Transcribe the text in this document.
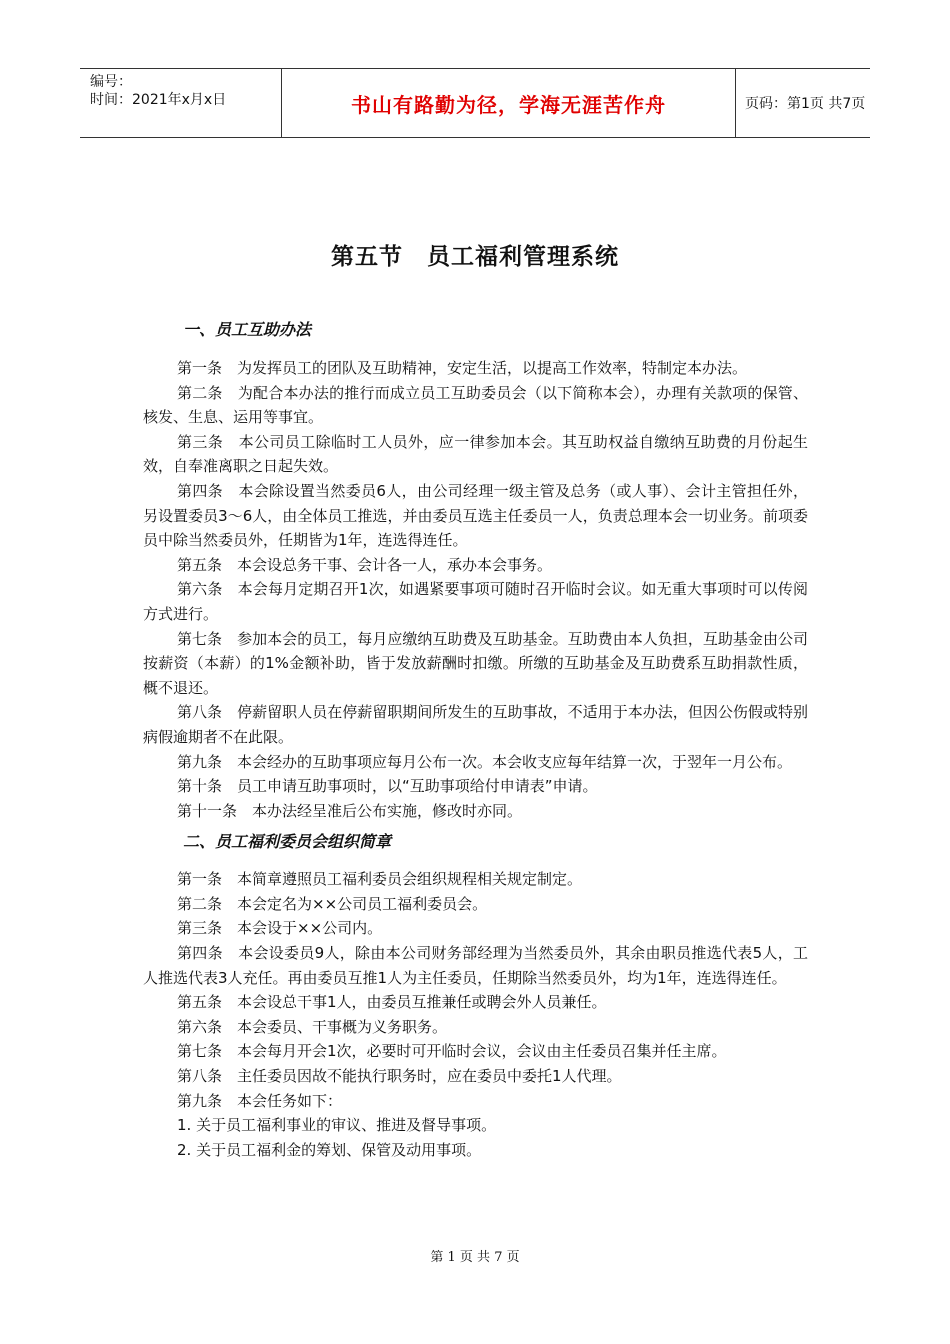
编号：
时间：2021年x月x日	书山有路勤为径，学海无涯苦作舟	页码：第1页 共7页
第五节　员工福利管理系统
一、员工互助办法

第一条　为发挥员工的团队及互助精神，安定生活，以提高工作效率，特制定本办法。

第二条　为配合本办法的推行而成立员工互助委员会（以下简称本会），办理有关款项的保管、核发、生息、运用等事宜。

第三条　本公司员工除临时工人员外，应一律参加本会。其互助权益自缴纳互助费的月份起生效，自奉准离职之日起失效。

第四条　本会除设置当然委员6人，由公司经理一级主管及总务（或人事）、会计主管担任外，另设置委员3～6人，由全体员工推选，并由委员互选主任委员一人，负责总理本会一切业务。前项委员中除当然委员外，任期皆为1年，连选得连任。

第五条　本会设总务干事、会计各一人，承办本会事务。

第六条　本会每月定期召开1次，如遇紧要事项可随时召开临时会议。如无重大事项时可以传阅方式进行。

第七条　参加本会的员工，每月应缴纳互助费及互助基金。互助费由本人负担，互助基金由公司按薪资（本薪）的1%金额补助，皆于发放薪酬时扣缴。所缴的互助基金及互助费系互助捐款性质，概不退还。

第八条　停薪留职人员在停薪留职期间所发生的互助事故，不适用于本办法，但因公伤假或特别病假逾期者不在此限。

第九条　本会经办的互助事项应每月公布一次。本会收支应每年结算一次，于翌年一月公布。

第十条　员工申请互助事项时，以“互助事项给付申请表”申请。

第十一条　本办法经呈准后公布实施，修改时亦同。

二、员工福利委员会组织简章

第一条　本简章遵照员工福利委员会组织规程相关规定制定。

第二条　本会定名为××公司员工福利委员会。

第三条　本会设于××公司内。

第四条　本会设委员9人，除由本公司财务部经理为当然委员外，其余由职员推选代表5人，工人推选代表3人充任。再由委员互推1人为主任委员，任期除当然委员外，均为1年，连选得连任。

第五条　本会设总干事1人，由委员互推兼任或聘会外人员兼任。

第六条　本会委员、干事概为义务职务。

第七条　本会每月开会1次，必要时可开临时会议，会议由主任委员召集并任主席。

第八条　主任委员因故不能执行职务时，应在委员中委托1人代理。

第九条　本会任务如下：

1. 关于员工福利事业的审议、推进及督导事项。

2. 关于员工福利金的筹划、保管及动用事项。

第 1 页 共 7 页
